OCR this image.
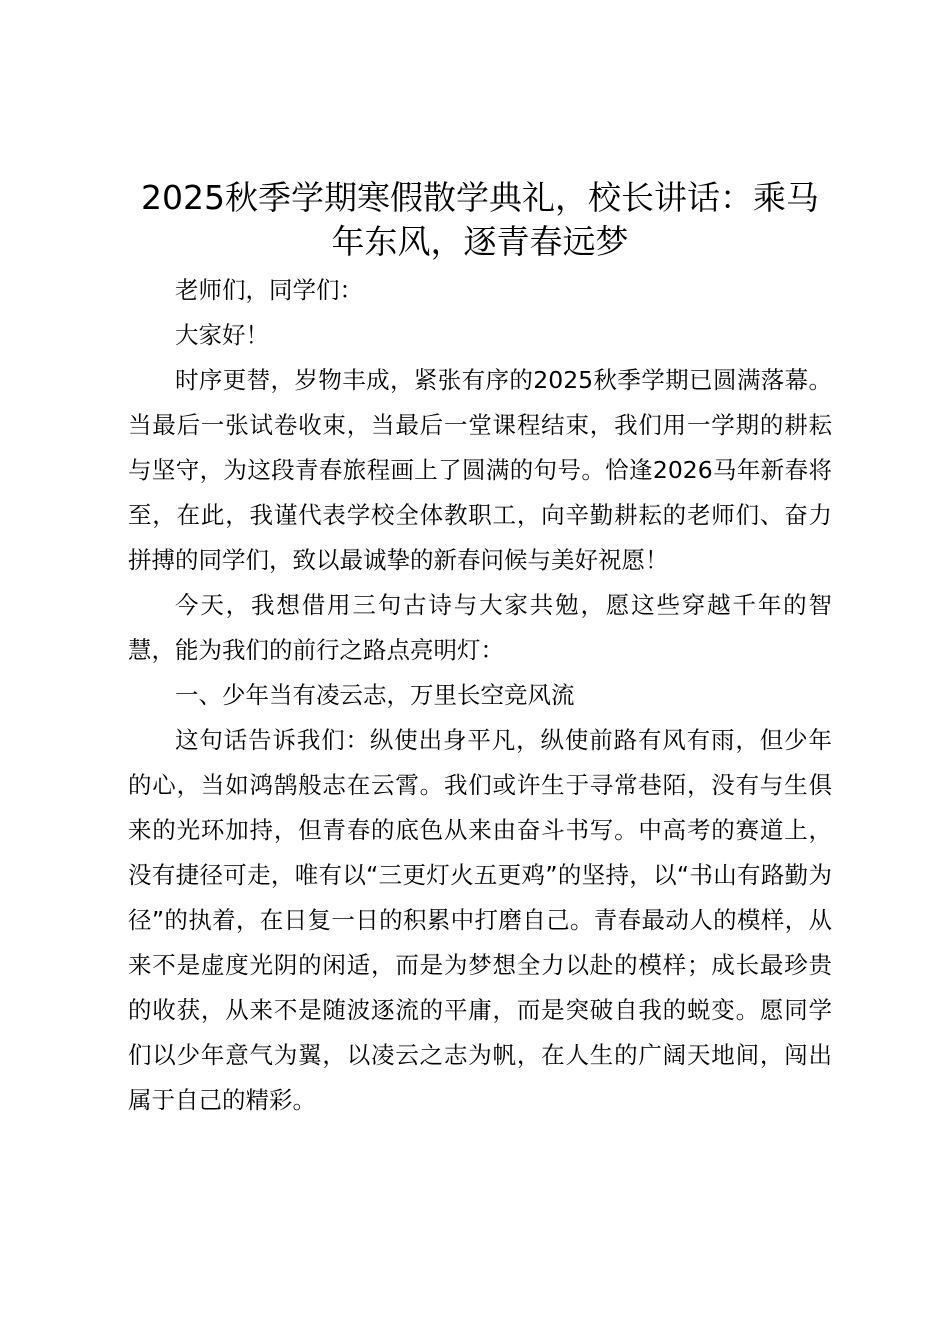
2025秋季学期寒假散学典礼，校长讲话：乘马年东风，逐青春远梦

老师们，同学们：

大家好！

时序更替，岁物丰成，紧张有序的2025秋季学期已圆满落幕。当最后一张试卷收束，当最后一堂课程结束，我们用一学期的耕耘与坚守，为这段青春旅程画上了圆满的句号。恰逢2026马年新春将至，在此，我谨代表学校全体教职工，向辛勤耕耘的老师们、奋力拼搏的同学们，致以最诚挚的新春问候与美好祝愿！

今天，我想借用三句古诗与大家共勉，愿这些穿越千年的智慧，能为我们的前行之路点亮明灯：

一、少年当有凌云志，万里长空竞风流

这句话告诉我们：纵使出身平凡，纵使前路有风有雨，但少年的心，当如鸿鹄般志在云霄。我们或许生于寻常巷陌，没有与生俱来的光环加持，但青春的底色从来由奋斗书写。中高考的赛道上，没有捷径可走，唯有以“三更灯火五更鸡”的坚持，以“书山有路勤为径”的执着，在日复一日的积累中打磨自己。青春最动人的模样，从来不是虚度光阴的闲适，而是为梦想全力以赴的模样；成长最珍贵的收获，从来不是随波逐流的平庸，而是突破自我的蜕变。愿同学们以少年意气为翼，以凌云之志为帆，在人生的广阔天地间，闯出属于自己的精彩。
